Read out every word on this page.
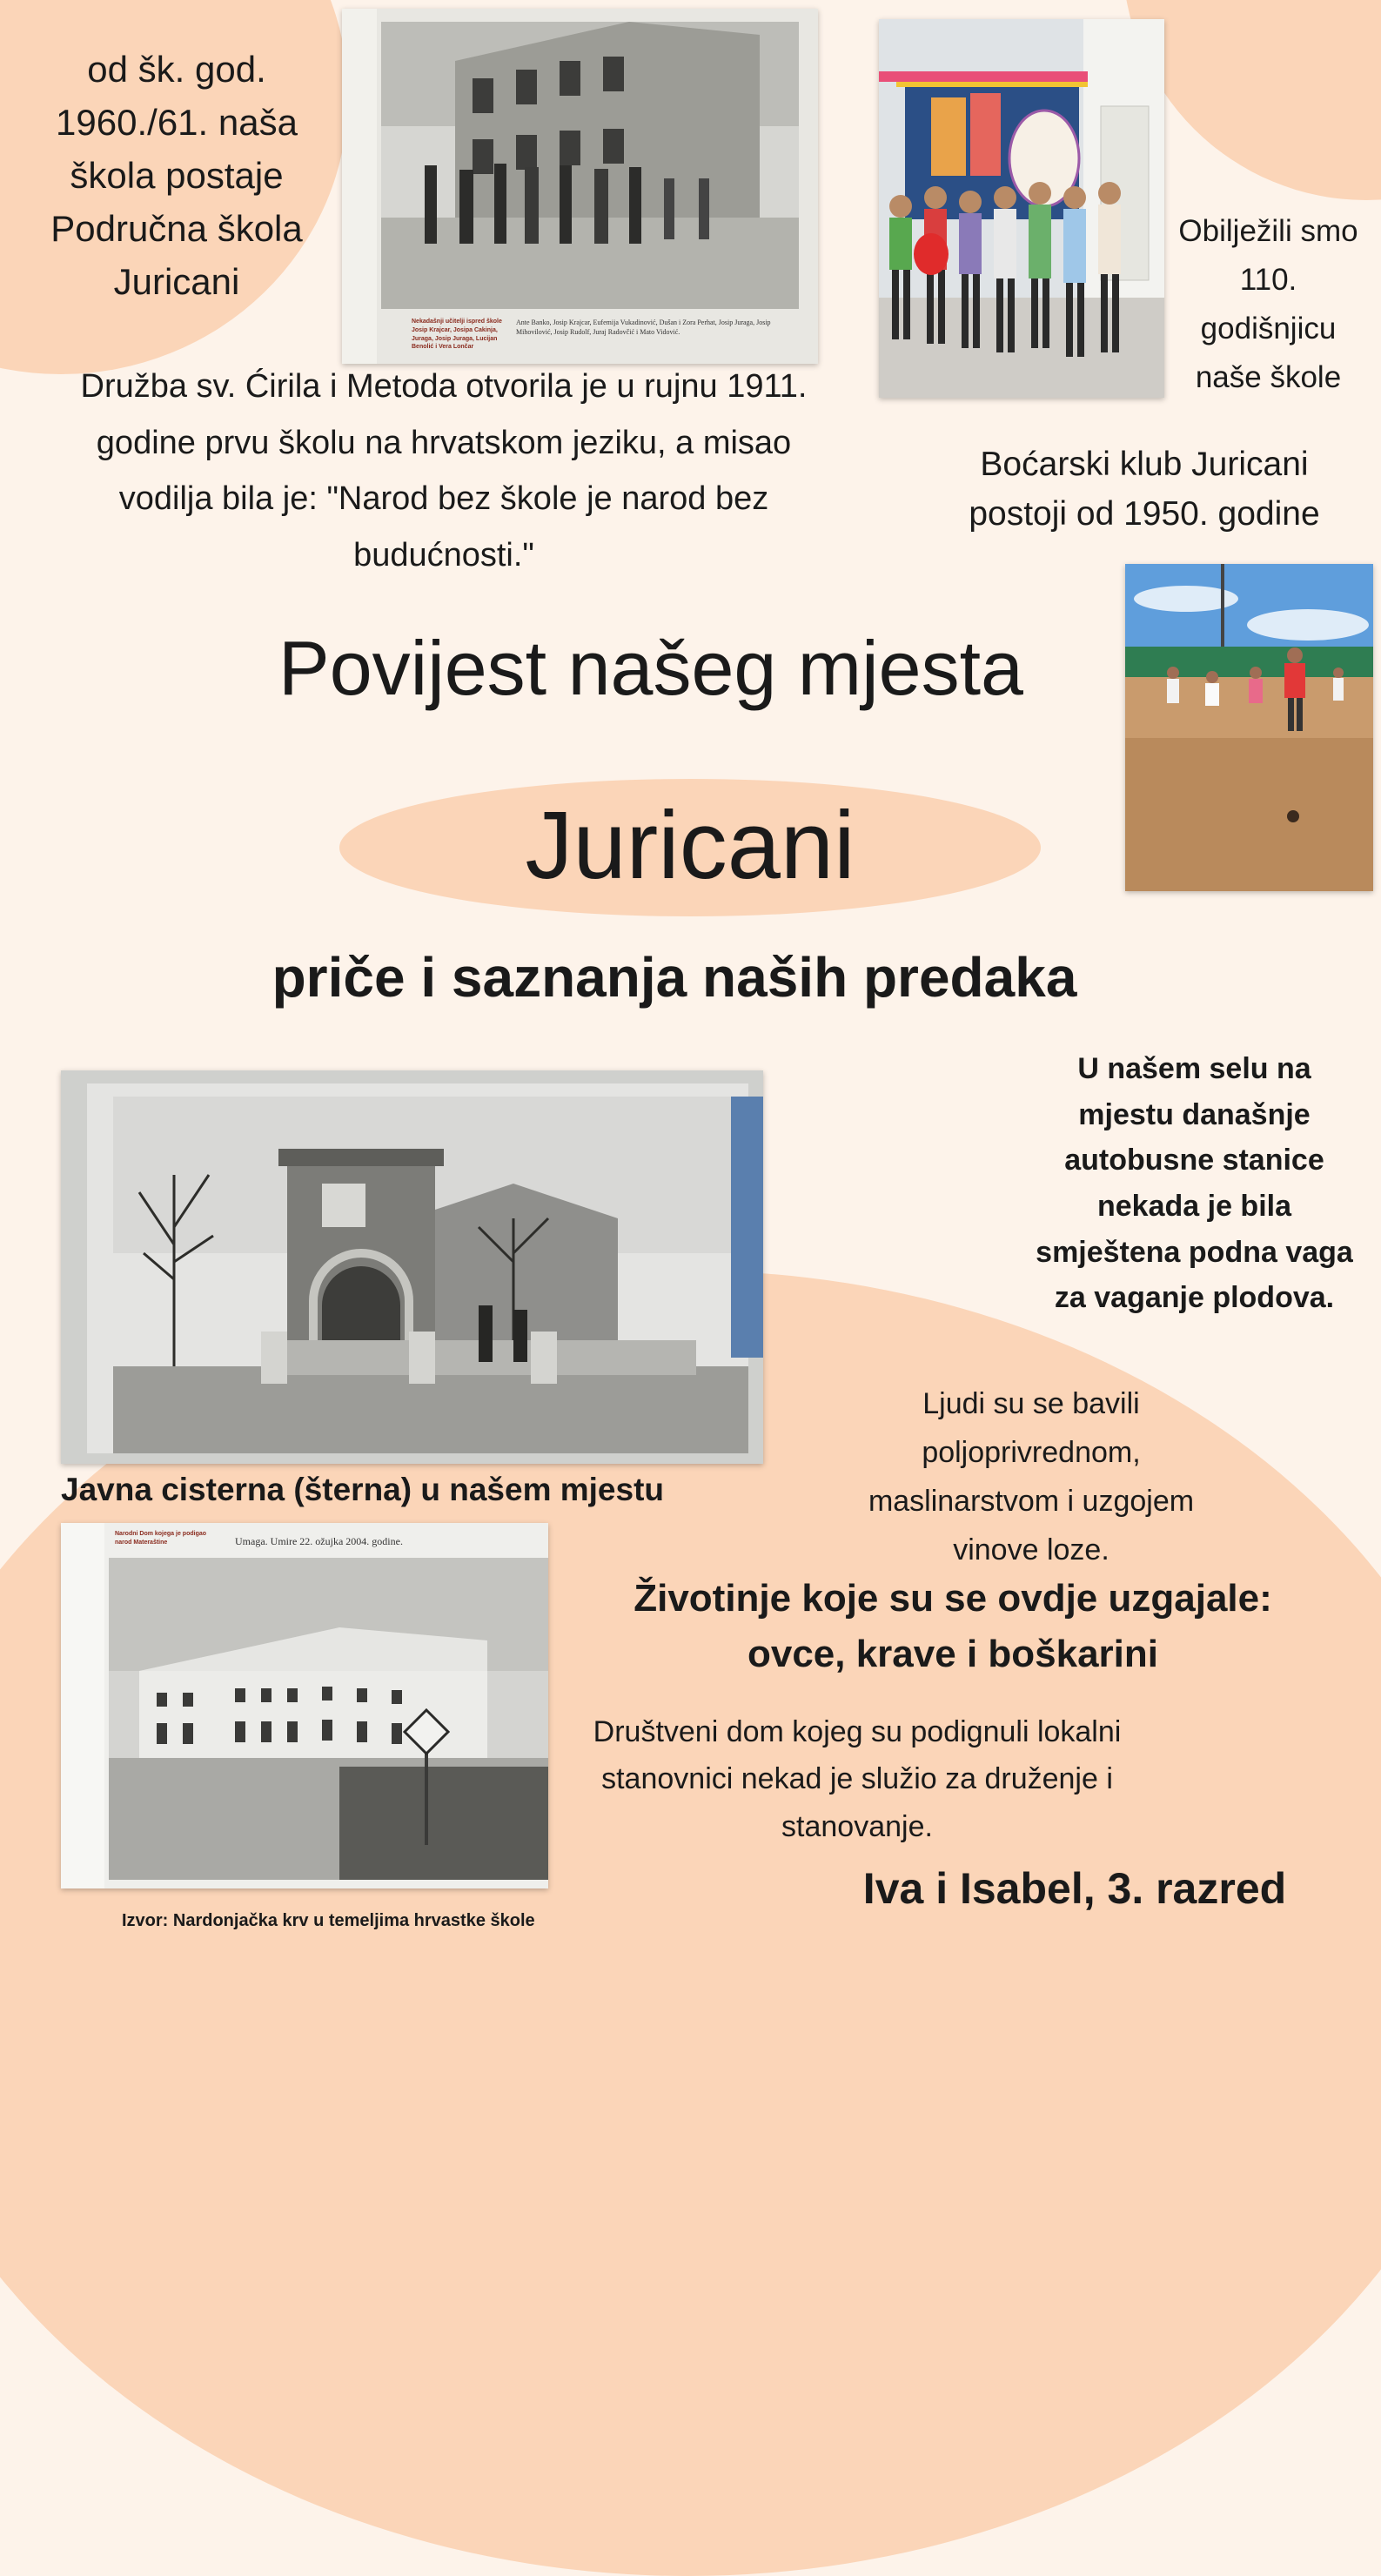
Nekadašnji učitelji ispred škole Josip Krajcar, Josipa Cakinja, Juraga, Josip Juraga, Lucijan Benolić i Vera Lončar
Ante Banko, Josip Krajcar, Eufemija Vukadinović, Dušan i Zora Perhat, Josip Juraga, Josip Mihovilović, Josip Rudolf, Juraj Radovčić i Mato Vidović.
Narodni Dom kojega je podigao narod Materaštine	Umaga. Umire 22. ožujka 2004. godine.
od šk. god. 1960./61. naša škola postaje Područna škola Juricani
Obilježili smo 110. godišnjicu naše škole
Družba sv. Ćirila i Metoda otvorila je u rujnu 1911. godine prvu školu na hrvatskom jeziku, a misao vodilja bila je: "Narod bez škole je narod bez budućnosti."
Boćarski klub Juricani postoji od 1950. godine
Povijest našeg mjesta
Juricani
priče i saznanja naših predaka
U našem selu na mjestu današnje autobusne stanice nekada je bila smještena podna vaga za vaganje plodova.
Javna cisterna (šterna) u našem mjestu
Ljudi su se bavili poljoprivrednom, maslinarstvom i uzgojem vinove loze.
Životinje koje su se ovdje uzgajale: ovce, krave i boškarini
Društveni dom kojeg su podignuli lokalni stanovnici nekad je služio za druženje i stanovanje.
Iva i Isabel, 3. razred
Izvor: Nardonjačka krv u temeljima hrvastke škole
